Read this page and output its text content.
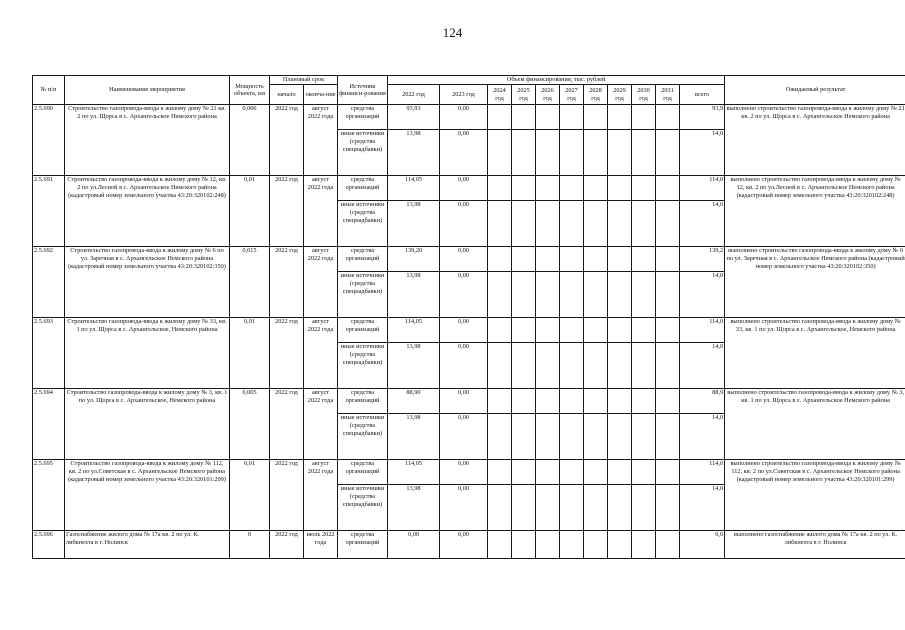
124
№ п/п	Наименование мероприятия	Мощность объекта, км	Плановый срок		Источник финанси-рования	Объем финансирования, тыс. рублей											Ожидаемый результат
			начало	оконча-ние		2022 год	2023 год	2024 год	2025 год	2026 год	2027 год	2028 год	2029 год	2030 год	2031 год	всего	
2.5.690	Строительство газопровода-ввода к жилому дому № 21 кв. 2 по ул. Щорса в с. Архангельское Немского района	0,006	2022 год	август 2022 года	средства организаций	93,93	0,00									93,9	выполнено строительство газопровода-ввода к жилому дому № 21 кв. 2 по ул. Щорса в с. Архангельское Немского района
					иные источники (средства спецнадбавки)	13,98	0,00									14,0	
2.5.691	Строительство газопровода-ввода к жилому дому № 12, кв. 2 по ул.Лесной в с. Архангельское Немского района (кадастровый номер земельного участка 43:20:320102:248)	0,01	2022 год	август 2022 года	средства организаций	114,05	0,00									114,0	выполнено строительство газопровода-ввода к жилому дому № 12, кв. 2 по ул.Лесной в с. Архангельское Немского района (кадастровый номер земельного участка 43:20:320102:248)
					иные источники (средства спецнадбавки)	13,98	0,00									14,0	
2.5.692	Строительство газопровода-ввода к жилому дому № 6 по ул. Заречная в с. Архангельское Немского района (кадастровый номер земельного участка 43:20:320102:350)	0,015	2022 год	август 2022 года	средства организаций	139,20	0,00									139,2	выполнено строительство газопровода-ввода к жилому дому № 6 по ул. Заречная в с. Архангельское Немского района (кадастровый номер земельного участка 43:20:320102:350)
					иные источники (средства спецнадбавки)	13,98	0,00									14,0	
2.5.693	Строительство газопровода-ввода к жилому дому № 33, кв. 1 по ул. Щорса в с. Архангельское, Немского района	0,01	2022 год	август 2022 года	средства организаций	114,05	0,00									114,0	выполнено строительство газопровода-ввода к жилому дому № 33, кв. 1 по ул. Щорса в с. Архангельское, Немского района
					иные источники (средства спецнадбавки)	13,98	0,00									14,0	
2.5.694	Строительство газопровода-ввода к жилому дому № 3, кв. 1 по ул. Щорса в с. Архангельское, Немского района	0,005	2022 год	август 2022 года	средства организаций	88,90	0,00									88,9	выполнено строительство газопровода-ввода к жилому дому № 3, кв. 1 по ул. Щорса в с. Архангельское Немского района
					иные источники (средства спецнадбавки)	13,98	0,00									14,0	
2.5.695	Строительство газопровода-ввода к жилому дому № 112, кв. 2 по ул.Советская в с. Архангельское Немского района (кадастровый номер земельного участка 43:20:320101:299)	0,01	2022 год	август 2022 года	средства организаций	114,05	0,00									114,0	выполнено строительство газопровода-ввода к жилому дому № 112, кв. 2 по ул.Советская в с. Архангельское Немского района (кадастровый номер земельного участка 43:20:320101:299)
					иные источники (средства спецнадбавки)	13,98	0,00									14,0	
2.5.696	Газоснабжение жилого дома № 17а кв. 2 по ул. К. либкнехта в г. Нолинск	0	2022 год	июль 2022 года	средства организаций	0,00	0,00									0,0	выполнено газоснабжение жилого дома № 17а кв. 2 по ул. К. либкнехта в г. Нолинск
